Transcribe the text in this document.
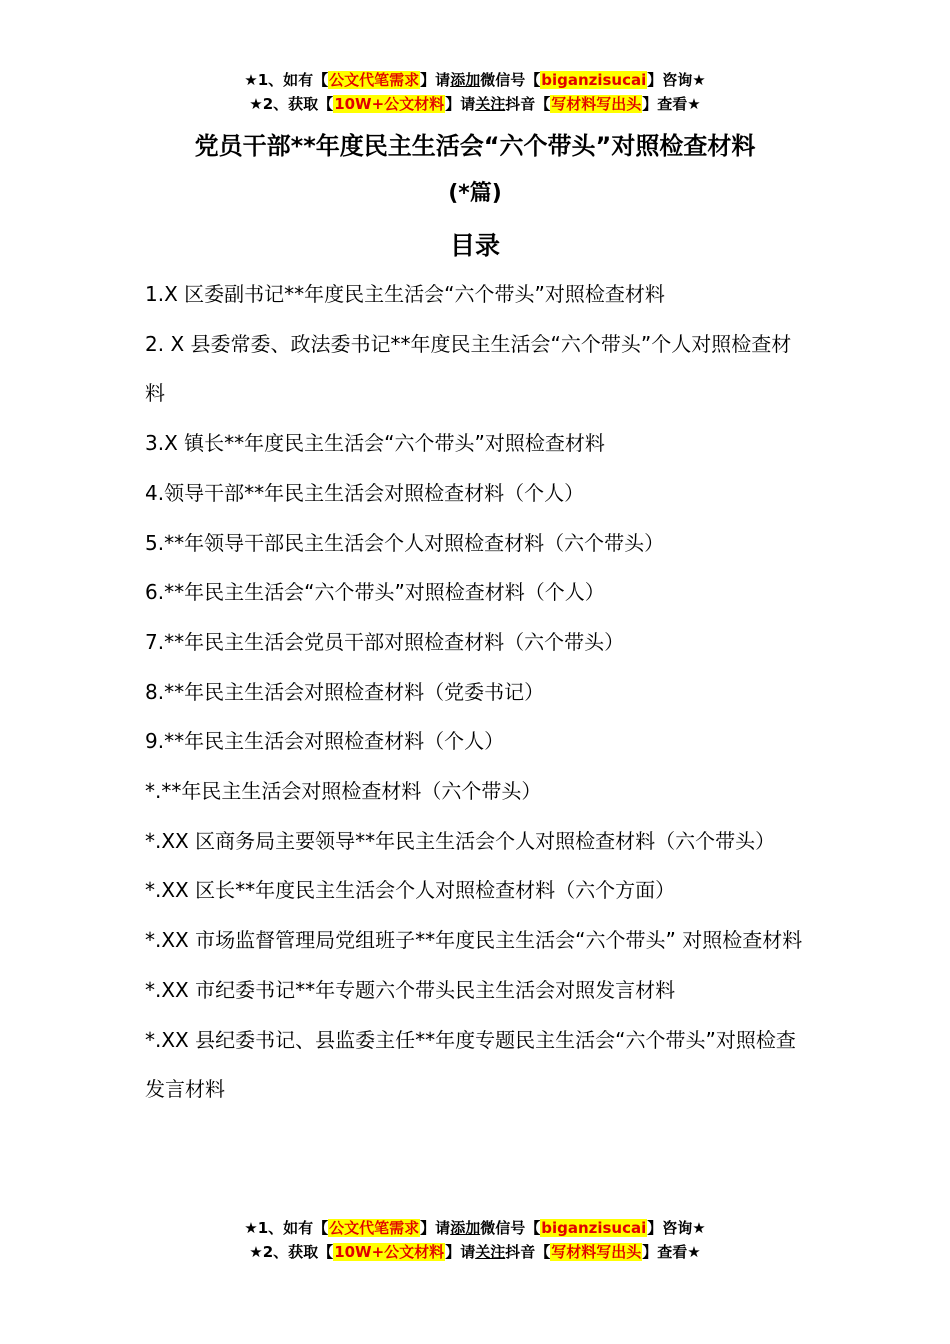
★1、如有【公文代笔需求】请添加微信号【biganzisucai】咨询★
★2、获取【10W+公文材料】请关注抖音【写材料写出头】查看★
党员干部**年度民主生活会“六个带头”对照检查材料
(*篇)
目录
1.X 区委副书记**年度民主生活会“六个带头”对照检查材料
2. X 县委常委、政法委书记**年度民主生活会“六个带头”个人对照检查材料
3.X 镇长**年度民主生活会“六个带头”对照检查材料
4.领导干部**年民主生活会对照检查材料（个人）
5.**年领导干部民主生活会个人对照检查材料（六个带头）
6.**年民主生活会“六个带头”对照检查材料（个人）
7.**年民主生活会党员干部对照检查材料（六个带头）
8.**年民主生活会对照检查材料（党委书记）
9.**年民主生活会对照检查材料（个人）
*.**年民主生活会对照检查材料（六个带头）
*.XX 区商务局主要领导**年民主生活会个人对照检查材料（六个带头）
*.XX 区长**年度民主生活会个人对照检查材料（六个方面）
*.XX 市场监督管理局党组班子**年度民主生活会“六个带头” 对照检查材料
*.XX 市纪委书记**年专题六个带头民主生活会对照发言材料
*.XX 县纪委书记、县监委主任**年度专题民主生活会“六个带头”对照检查发言材料
★1、如有【公文代笔需求】请添加微信号【biganzisucai】咨询★
★2、获取【10W+公文材料】请关注抖音【写材料写出头】查看★
